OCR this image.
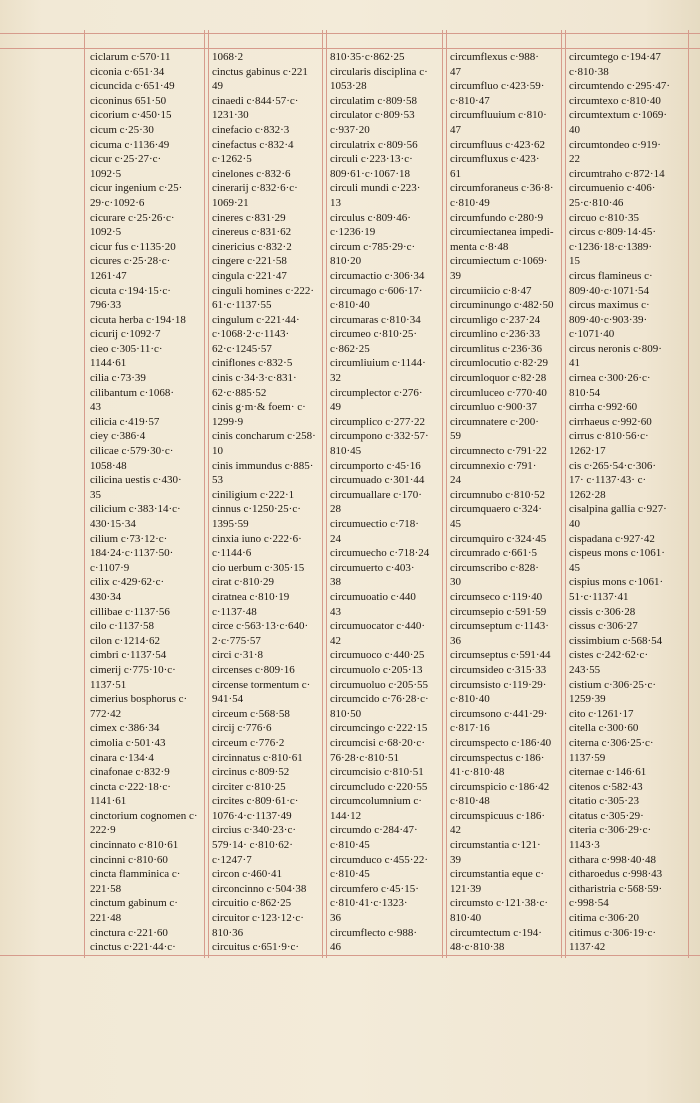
ciclarum c·570·11
ciconia c·651·34
cicuncida c·651·49
ciconinus 651·50
cicorium c·450·15
cicum c·25·30
cicuma c·1136·49
cicur c·25·27·c·
1092·5
cicur ingenium c·25·
29·c·1092·6
cicurare c·25·26·c·
1092·5
cicur fus c·1135·20
cicures c·25·28·c·
1261·47
cicuta c·194·15·c·
796·33
cicuta herba c·194·18
cicurij c·1092·7
cieo c·305·11·c·
1144·61
cilia c·73·39
cilibantum c·1068·
43
cilicia c·419·57
ciey c·386·4
cilicae c·579·30·c·
1058·48
cilicina uestis c·430·
35
cilicium c·383·14·c·
430·15·34
cilium c·73·12·c·
184·24·c·1137·50·
c·1107·9
cilix c·429·62·c·
430·34
cillibae c·1137·56
cilo c·1137·58
cilon c·1214·62
cimbri c·1137·54
cimerij c·775·10·c·
1137·51
cimerius bosphorus c·
772·42
cimex c·386·34
cimolia c·501·43
cinara c·134·4
cinafonae c·832·9
cincta c·222·18·c·
1141·61
cinctorium cognomen c·
222·9
cincinnato c·810·61
cincinni c·810·60
cincta flamminica c·
221·58
cinctum gabinum c·
221·48
cinctura c·221·60
cinctus c·221·44·c·
1068·2
cinctus gabinus c·221
49
cinaedi c·844·57·c·
1231·30
cinefacio c·832·3
cinefactus c·832·4
c·1262·5
cinelones c·832·6
cinerarij c·832·6·c·
1069·21
cineres c·831·29
cinereus c·831·62
cinericius c·832·2
cingere c·221·58
cingula c·221·47
cinguli homines c·222·
61·c·1137·55
cingulum c·221·44·
c·1068·2·c·1143·
62·c·1245·57
ciniflones c·832·5
cinis c·34·3·c·831·
62·c·885·52
cinis g·m·& foem· c·
1299·9
cinis concharum c·258·
10
cinis immundus c·885·
53
ciniligium c·222·1
cinnus c·1250·25·c·
1395·59
cinxia iuno c·222·6·
c·1144·6
cio uerbum c·305·15
cirat c·810·29
ciratnea c·810·19
c·1137·48
circe c·563·13·c·640·
2·c·775·57
circi c·31·8
circenses c·809·16
circense tormentum c·
941·54
circeum c·568·58
circij c·776·6
circeum c·776·2
circinnatus c·810·61
circinus c·809·52
circiter c·810·25
circites c·809·61·c·
1076·4·c·1137·49
circius c·340·23·c·
579·14· c·810·62·
c·1247·7
circon c·460·41
circoncinno c·504·38
circuitio c·862·25
circuitor c·123·12·c·
810·36
circuitus c·651·9·c·
810·35·c·862·25
circularis disciplina c·
1053·28
circulatim c·809·58
circulator c·809·53
c·937·20
circulatrix c·809·56
circuli c·223·13·c·
809·61·c·1067·18
circuli mundi c·223·
13
circulus c·809·46·
c·1236·19
circum c·785·29·c·
810·20
circumactio c·306·34
circumago c·606·17·
c·810·40
circumaras c·810·34
circumeo c·810·25·
c·862·25
circumliuium c·1144·
32
circumplector c·276·
49
circumplico c·277·22
circumpono c·332·57·
810·45
circumporto c·45·16
circumuado c·301·44
circumuallare c·170·
28
circumuectio c·718·
24
circumuecho c·718·24
circumuerto c·403·
38
circumuoatio c·440
43
circumuocator c·440·
42
circumuoco c·440·25
circumuolo c·205·13
circumuoluo c·205·55
circumcido c·76·28·c·
810·50
circumcingo c·222·15
circumcisi c·68·20·c·
76·28·c·810·51
circumcisio c·810·51
circumcludo c·220·55
circumcolumnium c·
144·12
circumdo c·284·47·
c·810·45
circumduco c·455·22·
c·810·45
circumfero c·45·15·
c·810·41·c·1323·
36
circumflecto c·988·
46
circumflexus c·988·
47
circumfluo c·423·59·
c·810·47
circumfluuium c·810·
47
circumfluus c·423·62
circumfluxus c·423·
61
circumforaneus c·36·8·
c·810·49
circumfundo c·280·9
circumiectanea impedi-
menta c·8·48
circumiectum c·1069·
39
circumiicio c·8·47
circuminungo c·482·50
circumligo c·237·24
circumlino c·236·33
circumlitus c·236·36
circumlocutio c·82·29
circumloquor c·82·28
circumluceo c·770·40
circumluo c·900·37
circumnatere c·200·
59
circumnecto c·791·22
circumnexio c·791·
24
circumnubo c·810·52
circumquaero c·324·
45
circumquiro c·324·45
circumrado c·661·5
circumscribo c·828·
30
circumseco c·119·40
circumsepio c·591·59
circumseptum c·1143·
36
circumseptus c·591·44
circumsideo c·315·33
circumsisto c·119·29·
c·810·40
circumsono c·441·29·
c·817·16
circumspecto c·186·40
circumspectus c·186·
41·c·810·48
circumspicio c·186·42
c·810·48
circumspicuus c·186·
42
circumstantia c·121·
39
circumstantia eque c·
121·39
circumsto c·121·38·c·
810·40
circumtectum c·194·
48·c·810·38
circumtego c·194·47
c·810·38
circumtendo c·295·47·
circumtexo c·810·40
circumtextum c·1069·
40
circumtondeo c·919·
22
circumtraho c·872·14
circumuenio c·406·
25·c·810·46
circuo c·810·35
circus c·809·14·45·
c·1236·18·c·1389·
15
circus flamineus c·
809·40·c·1071·54
circus maximus c·
809·40·c·903·39·
c·1071·40
circus neronis c·809·
41
cirnea c·300·26·c·
810·54
cirrha c·992·60
cirrhaeus c·992·60
cirrus c·810·56·c·
1262·17
cis c·265·54·c·306·
17· c·1137·43· c·
1262·28
cisalpina gallia c·927·
40
cispadana c·927·42
cispeus mons c·1061·
45
cispius mons c·1061·
51·c·1137·41
cissis c·306·28
cissus c·306·27
cissimbium c·568·54
cistes c·242·62·c·
243·55
cistium c·306·25·c·
1259·39
cito c·1261·17
citella c·300·60
citerna c·306·25·c·
1137·59
citernae c·146·61
citenos c·582·43
citatio c·305·23
citatus c·305·29·
citeria c·306·29·c·
1143·3
cithara c·998·40·48
citharoedus c·998·43
citharistria c·568·59·
c·998·54
citima c·306·20
citimus c·306·19·c·
1137·42
